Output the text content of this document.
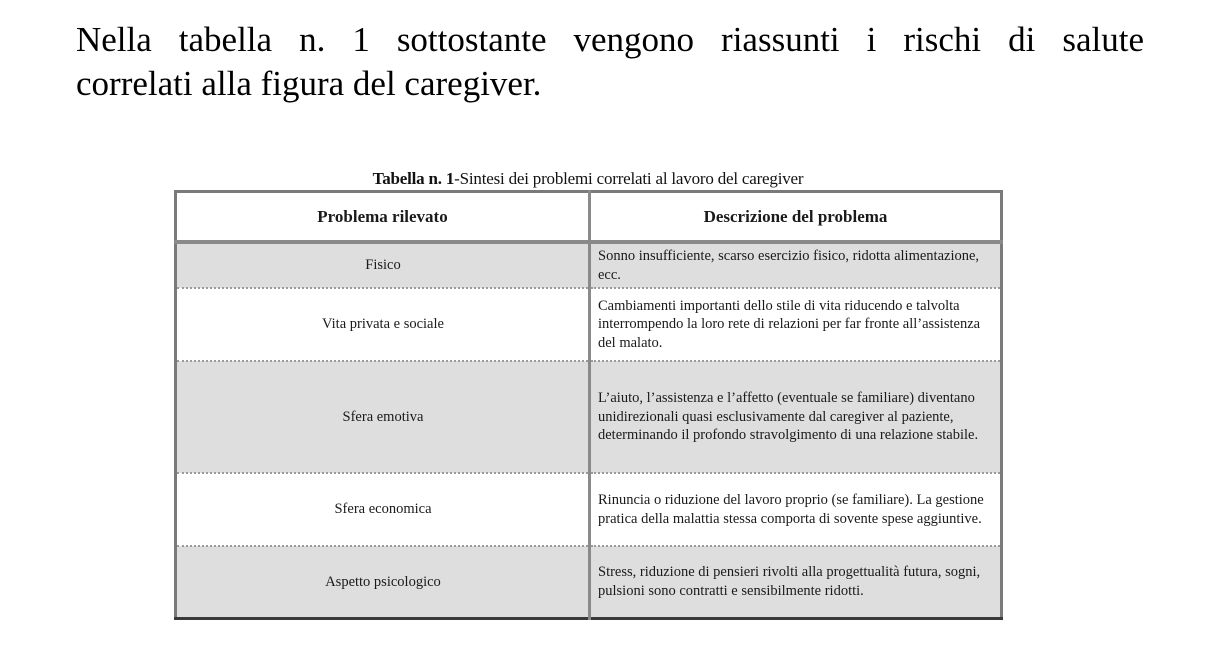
Nella tabella n. 1 sottostante vengono riassunti i rischi di salute
correlati alla figura del caregiver.
Tabella n. 1-Sintesi dei problemi correlati al lavoro del caregiver
Problema rilevato	Descrizione del problema
Fisico	Sonno insufficiente, scarso esercizio fisico, ridotta alimentazione, ecc.
Vita privata e sociale	Cambiamenti importanti dello stile di vita riducendo e talvolta interrompendo la loro rete di relazioni per far fronte all’assistenza del malato.
Sfera emotiva	L’aiuto, l’assistenza e l’affetto (eventuale se familiare) diventano unidirezionali quasi esclusivamente dal caregiver al paziente, determinando il profondo stravolgimento di una relazione stabile.
Sfera economica	Rinuncia o riduzione del lavoro proprio (se familiare). La gestione pratica della malattia stessa comporta di sovente spese aggiuntive.
Aspetto psicologico	Stress, riduzione di pensieri rivolti alla progettualità futura, sogni, pulsioni sono contratti e sensibilmente ridotti.
